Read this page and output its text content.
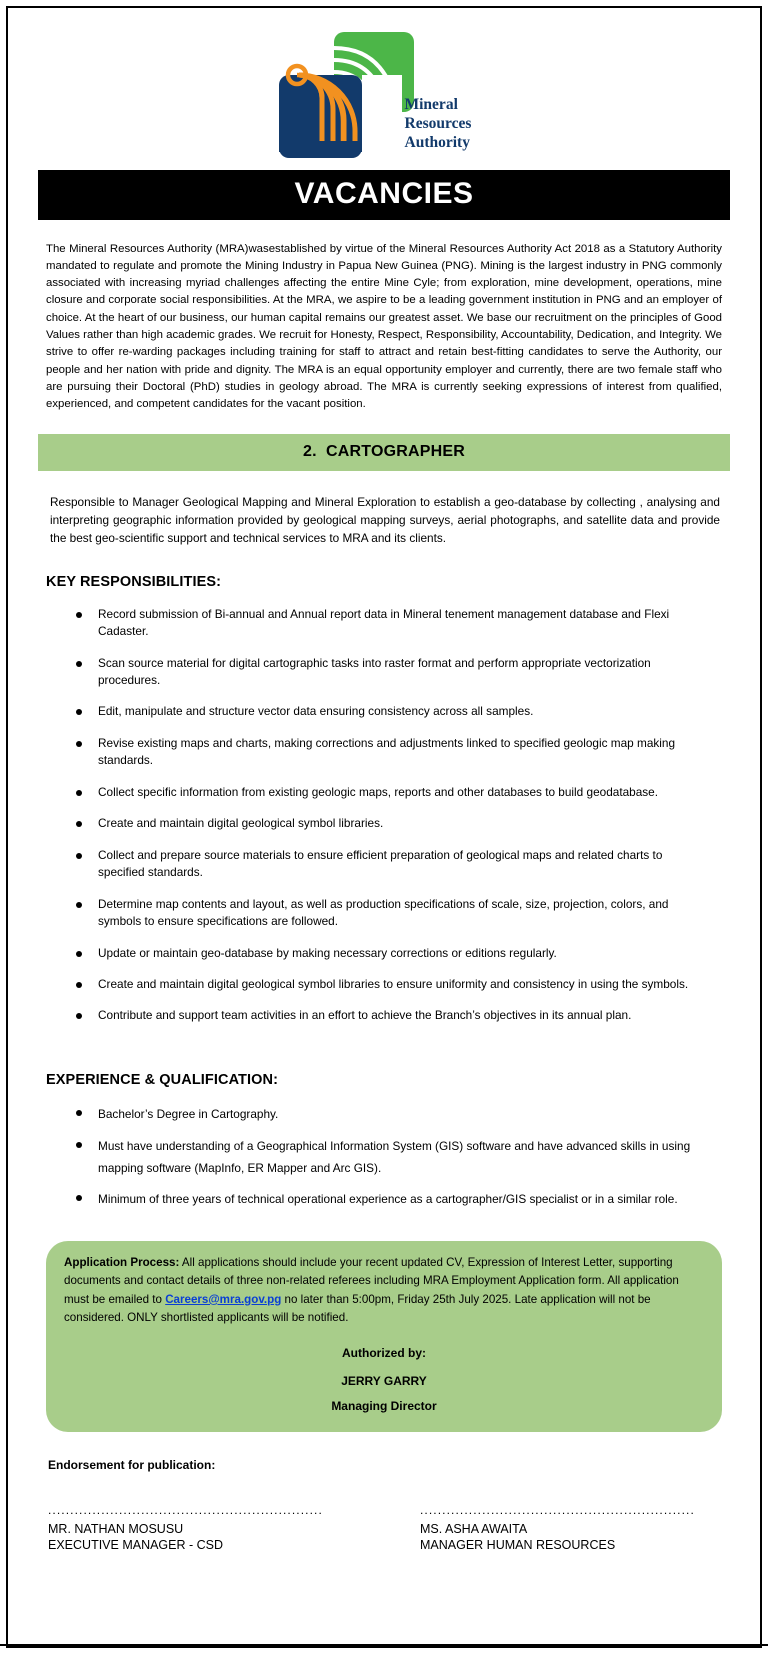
Mineral
Resources
Authority
VACANCIES

The Mineral Resources Authority (MRA)wasestablished by virtue of the Mineral Resources Authority Act 2018 as a Statutory Authority mandated to regulate and promote the Mining Industry in Papua New Guinea (PNG). Mining is the largest industry in PNG commonly associated with increasing myriad challenges affecting the entire Mine Cyle; from exploration, mine development, operations, mine closure and corporate social responsibilities. At the MRA, we aspire to be a leading government institution in PNG and an employer of choice. At the heart of our business, our human capital remains our greatest asset. We base our recruitment on the principles of Good Values rather than high academic grades. We recruit for Honesty, Respect, Responsibility, Accountability, Dedication, and Integrity. We strive to offer re-warding packages including training for staff to attract and retain best-fitting candidates to serve the Authority, our people and her nation with pride and dignity. The MRA is an equal opportunity employer and currently, there are two female staff who are pursuing their Doctoral (PhD) studies in geology abroad. The MRA is currently seeking expressions of interest from qualified, experienced, and competent candidates for the vacant position.

2. CARTOGRAPHER

Responsible to Manager Geological Mapping and Mineral Exploration to establish a geo-database by collecting , analysing and interpreting geographic information provided by geological mapping surveys, aerial photographs, and satellite data and provide the best geo-scientific support and technical services to MRA and its clients.

KEY RESPONSIBILITIES:
Record submission of Bi-annual and Annual report data in Mineral tenement management database and Flexi Cadaster.
Scan source material for digital cartographic tasks into raster format and perform appropriate vectorization procedures.
Edit, manipulate and structure vector data ensuring consistency across all samples.
Revise existing maps and charts, making corrections and adjustments linked to specified geologic map making standards.
Collect specific information from existing geologic maps, reports and other databases to build geodatabase.
Create and maintain digital geological symbol libraries.
Collect and prepare source materials to ensure efficient preparation of geological maps and related charts to specified standards.
Determine map contents and layout, as well as production specifications of scale, size, projection, colors, and symbols to ensure specifications are followed.
Update or maintain geo-database by making necessary corrections or editions regularly.
Create and maintain digital geological symbol libraries to ensure uniformity and consistency in using the symbols.
Contribute and support team activities in an effort to achieve the Branch’s objectives in its annual plan.
EXPERIENCE & QUALIFICATION:
Bachelor’s Degree in Cartography.
Must have understanding of a Geographical Information System (GIS) software and have advanced skills in using mapping software (MapInfo, ER Mapper and Arc GIS).
Minimum of three years of technical operational experience as a cartographer/GIS specialist or in a similar role.
Application Process: All applications should include your recent updated CV, Expression of Interest Letter, supporting documents and contact details of three non-related referees including MRA Employment Application form. All application must be emailed to Careers@mra.gov.pg no later than 5:00pm, Friday 25th July 2025. Late application will not be considered. ONLY shortlisted applicants will be notified.
Authorized by:
JERRY GARRY
Managing Director
Endorsement for publication:
..............................................................
MR. NATHAN MOSUSU
EXECUTIVE MANAGER - CSD
..............................................................
MS. ASHA AWAITA
MANAGER HUMAN RESOURCES
